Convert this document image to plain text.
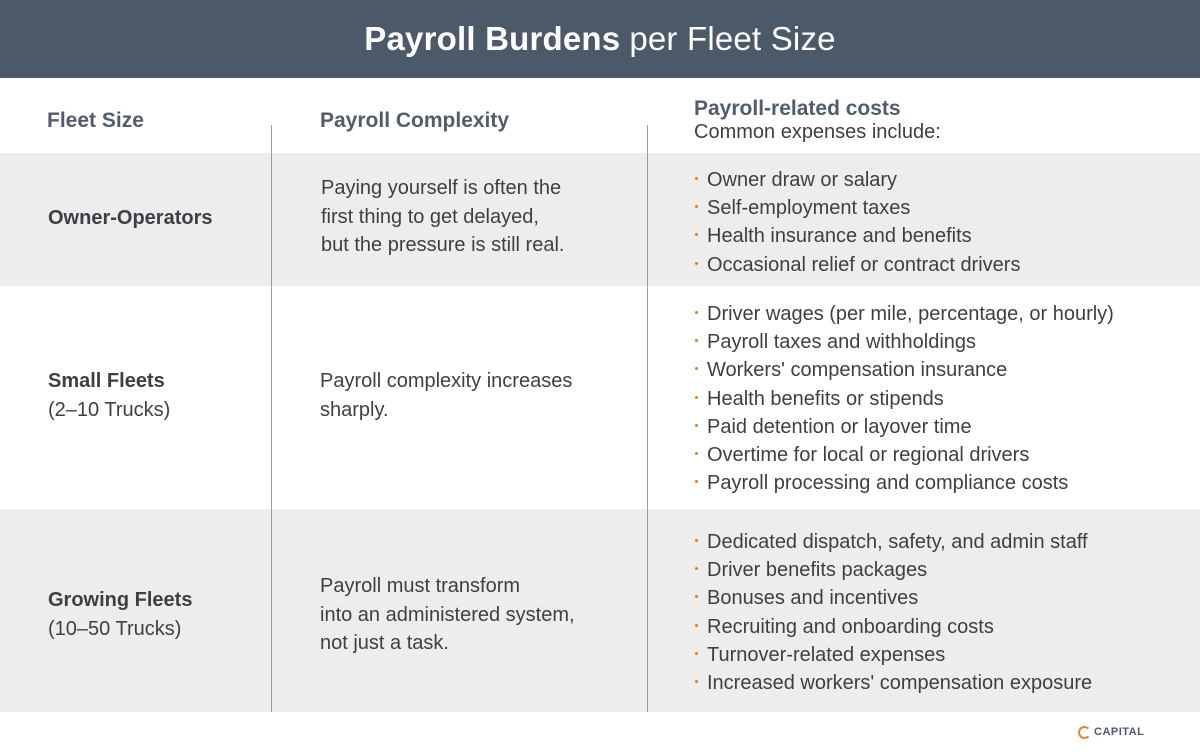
Payroll Burdens per Fleet Size
Fleet Size	Payroll Complexity
Payroll-related costs
Common expenses include:
Owner-Operators
Paying yourself is often the
first thing to get delayed,
but the pressure is still real.
Owner draw or salary
Self-employment taxes
Health insurance and benefits
Occasional relief or contract drivers
Small Fleets
(2–10 Trucks)
Payroll complexity increases
sharply.
Driver wages (per mile, percentage, or hourly)
Payroll taxes and withholdings
Workers' compensation insurance
Health benefits or stipends
Paid detention or layover time
Overtime for local or regional drivers
Payroll processing and compliance costs
Growing Fleets
(10–50 Trucks)
Payroll must transform
into an administered system,
not just a task.
Dedicated dispatch, safety, and admin staff
Driver benefits packages
Bonuses and incentives
Recruiting and onboarding costs
Turnover-related expenses
Increased workers' compensation exposure
CAPITAL
